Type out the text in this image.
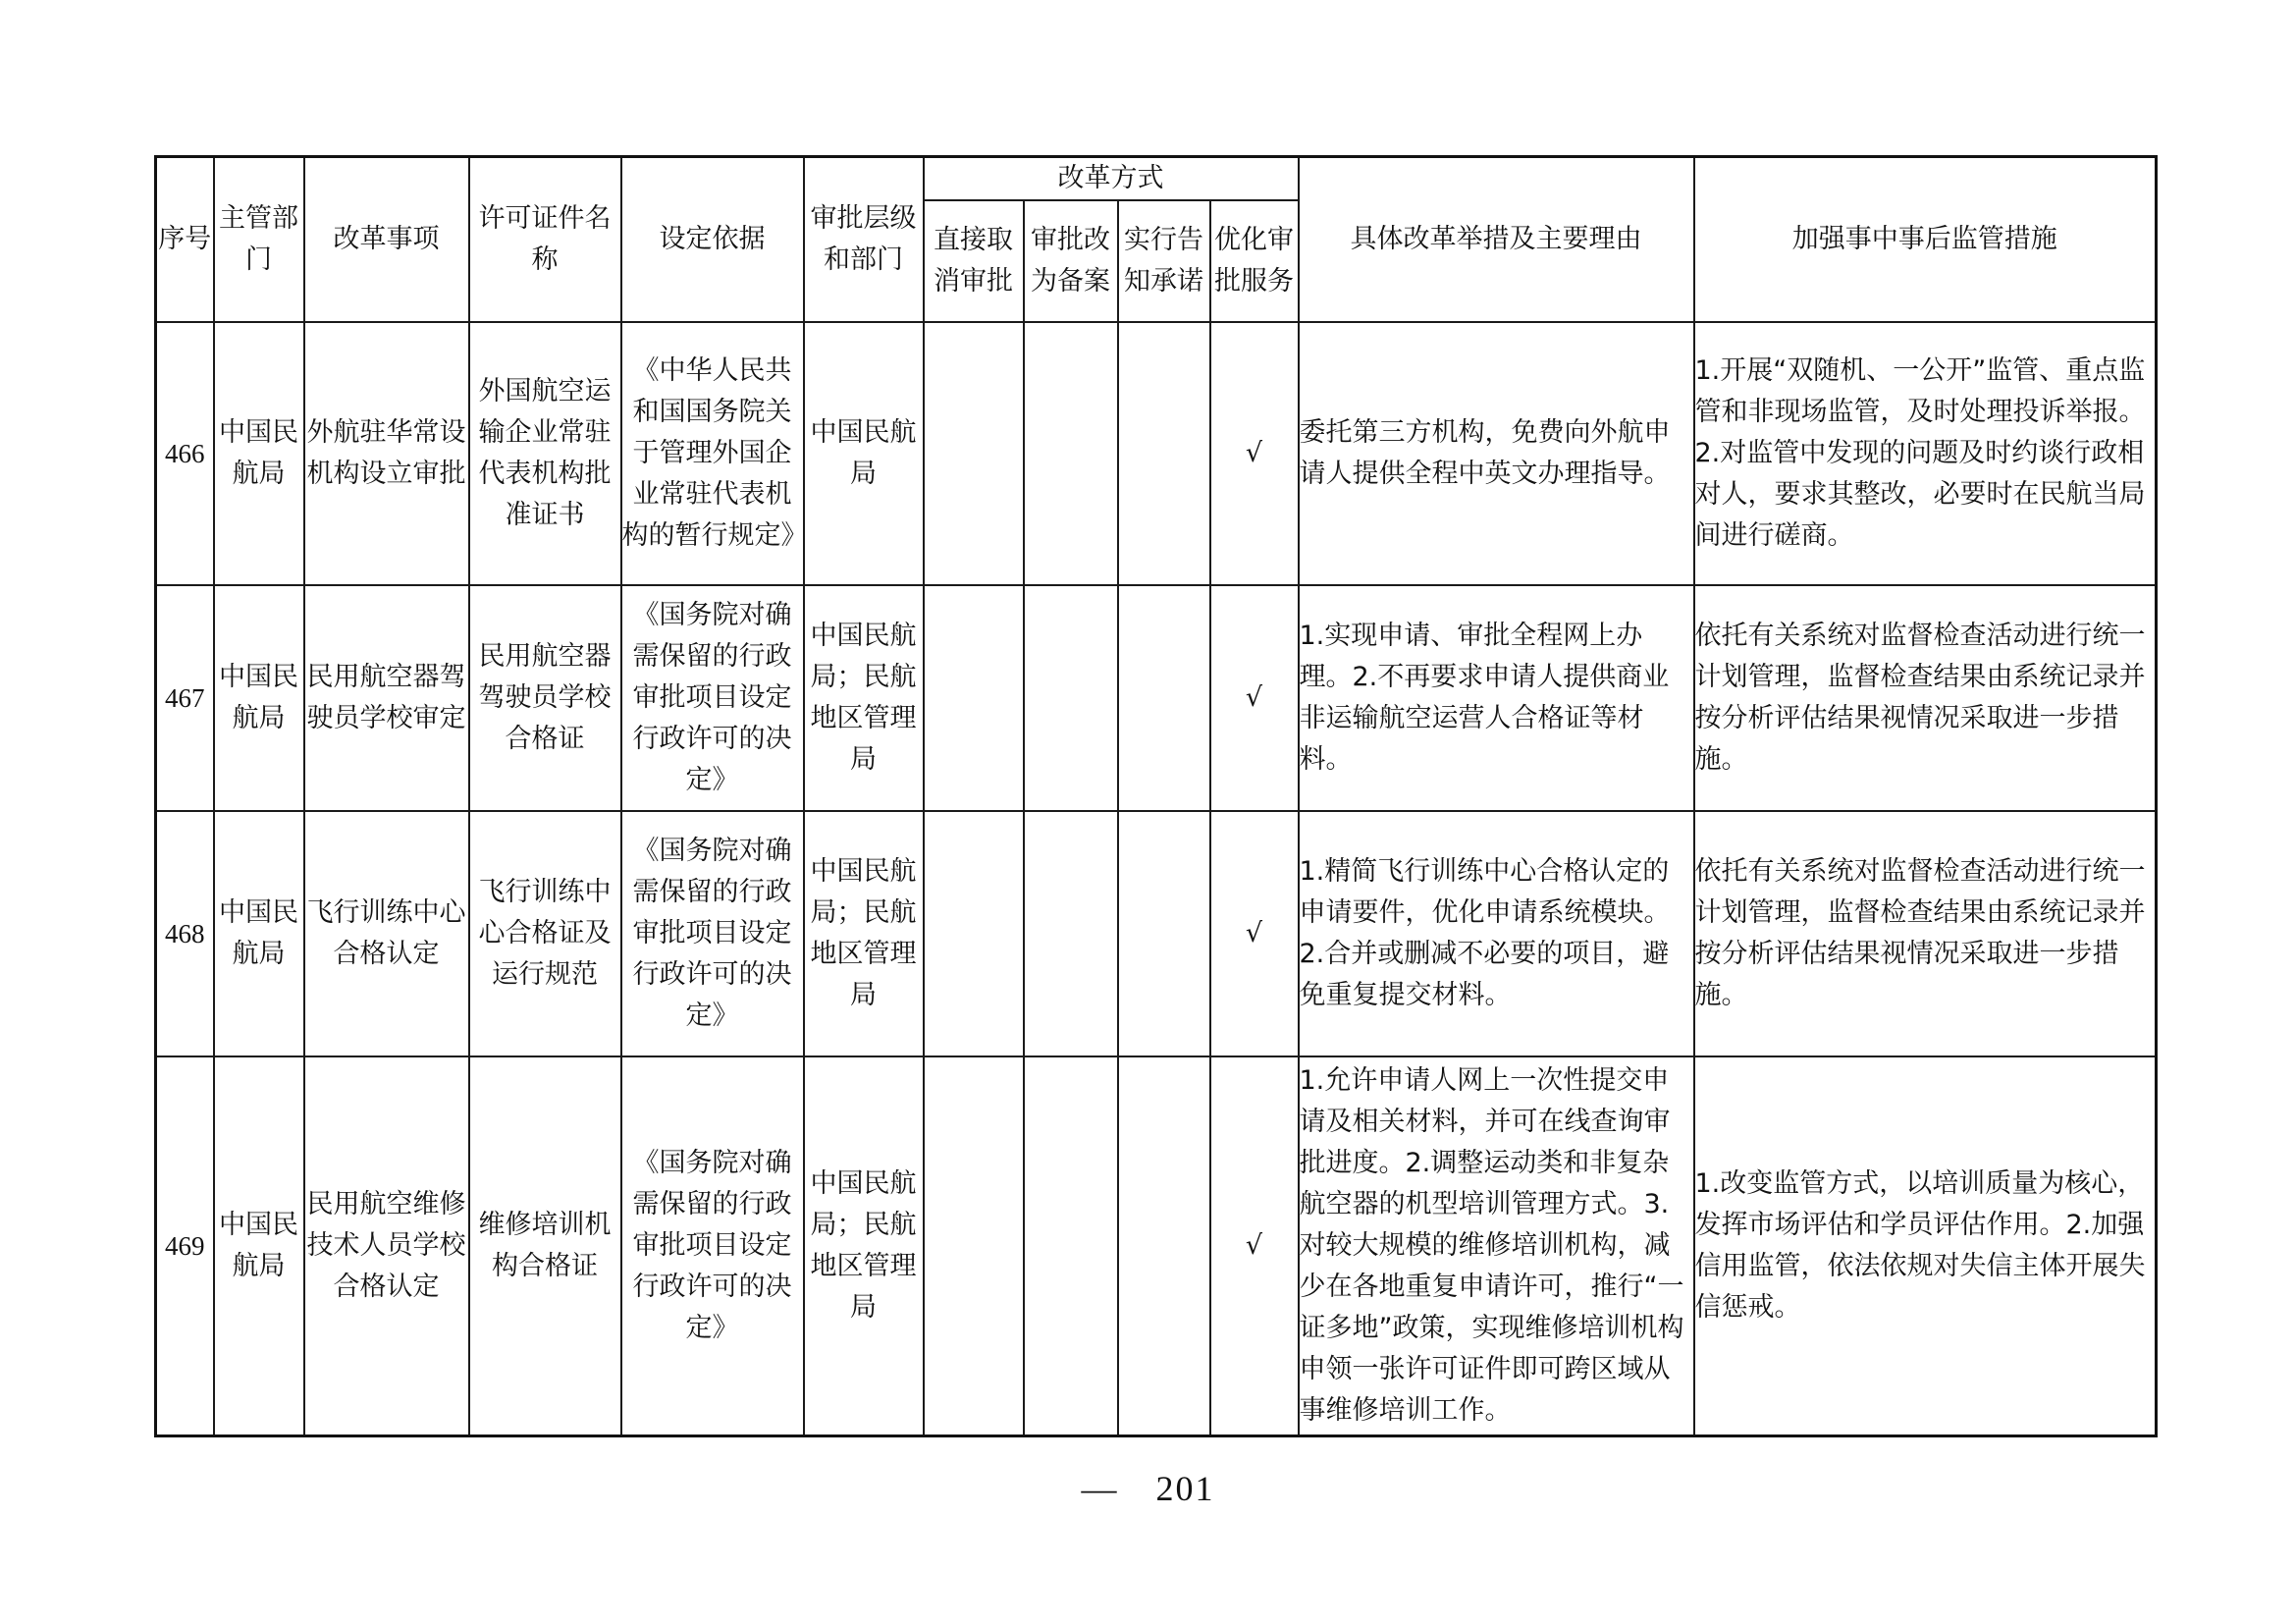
序号	主管部门	改革事项	许可证件名称	设定依据	审批层级和部门	改革方式				具体改革举措及主要理由	加强事中事后监管措施
						直接取消审批	审批改为备案	实行告知承诺	优化审批服务		
466	中国民航局	外航驻华常设机构设立审批	外国航空运输企业常驻代表机构批准证书	《中华人民共和国国务院关于管理外国企业常驻代表机构的暂行规定》	中国民航局				√	委托第三方机构，免费向外航申请人提供全程中英文办理指导。	1.开展“双随机、一公开”监管、重点监管和非现场监管，及时处理投诉举报。2.对监管中发现的问题及时约谈行政相对人，要求其整改，必要时在民航当局间进行磋商。
467	中国民航局	民用航空器驾驶员学校审定	民用航空器驾驶员学校合格证	《国务院对确需保留的行政审批项目设定行政许可的决定》	中国民航局；民航地区管理局				√	1.实现申请、审批全程网上办理。2.不再要求申请人提供商业非运输航空运营人合格证等材料。	依托有关系统对监督检查活动进行统一计划管理，监督检查结果由系统记录并按分析评估结果视情况采取进一步措施。
468	中国民航局	飞行训练中心合格认定	飞行训练中心合格证及运行规范	《国务院对确需保留的行政审批项目设定行政许可的决定》	中国民航局；民航地区管理局				√	1.精简飞行训练中心合格认定的申请要件，优化申请系统模块。2.合并或删减不必要的项目，避免重复提交材料。	依托有关系统对监督检查活动进行统一计划管理，监督检查结果由系统记录并按分析评估结果视情况采取进一步措施。
469	中国民航局	民用航空维修技术人员学校合格认定	维修培训机构合格证	《国务院对确需保留的行政审批项目设定行政许可的决定》	中国民航局；民航地区管理局				√	1.允许申请人网上一次性提交申请及相关材料，并可在线查询审批进度。2.调整运动类和非复杂航空器的机型培训管理方式。3.对较大规模的维修培训机构，减少在各地重复申请许可，推行“一证多地”政策，实现维修培训机构申领一张许可证件即可跨区域从事维修培训工作。	1.改变监管方式，以培训质量为核心，发挥市场评估和学员评估作用。2.加强信用监管，依法依规对失信主体开展失信惩戒。
— 201
